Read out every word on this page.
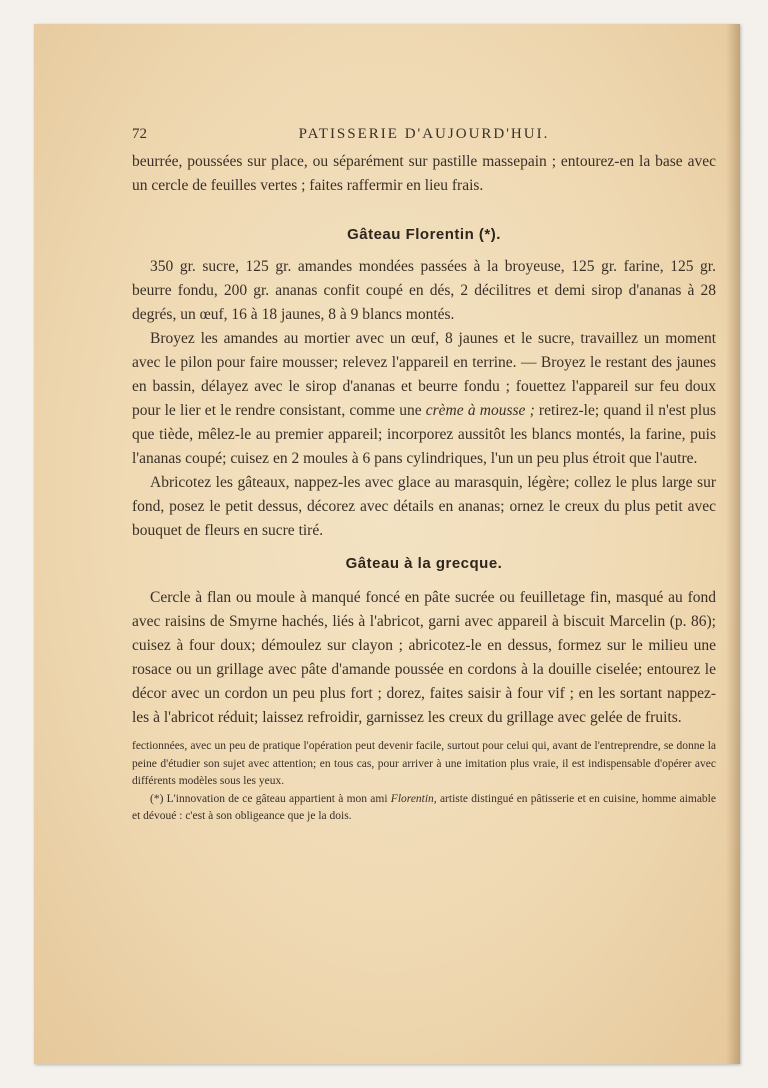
72	PATISSERIE D'AUJOURD'HUI.

beurrée, poussées sur place, ou séparément sur pastille massepain ; entourez-en la base avec un cercle de feuilles vertes ; faites raffermir en lieu frais.

Gâteau Florentin (*).

350 gr. sucre, 125 gr. amandes mondées passées à la broyeuse, 125 gr. farine, 125 gr. beurre fondu, 200 gr. ananas confit coupé en dés, 2 décilitres et demi sirop d'ananas à 28 degrés, un œuf, 16 à 18 jaunes, 8 à 9 blancs montés.

Broyez les amandes au mortier avec un œuf, 8 jaunes et le sucre, travaillez un moment avec le pilon pour faire mousser; relevez l'appareil en terrine. — Broyez le restant des jaunes en bassin, délayez avec le sirop d'ananas et beurre fondu ; fouettez l'appareil sur feu doux pour le lier et le rendre consistant, comme une crème à mousse ; retirez-le; quand il n'est plus que tiède, mêlez-le au premier appareil; incorporez aussitôt les blancs montés, la farine, puis l'ananas coupé; cuisez en 2 moules à 6 pans cylindriques, l'un un peu plus étroit que l'autre.

Abricotez les gâteaux, nappez-les avec glace au marasquin, légère; collez le plus large sur fond, posez le petit dessus, décorez avec détails en ananas; ornez le creux du plus petit avec bouquet de fleurs en sucre tiré.

Gâteau à la grecque.

Cercle à flan ou moule à manqué foncé en pâte sucrée ou feuilletage fin, masqué au fond avec raisins de Smyrne hachés, liés à l'abricot, garni avec appareil à biscuit Marcelin (p. 86); cuisez à four doux; démoulez sur clayon ; abricotez-le en dessus, formez sur le milieu une rosace ou un grillage avec pâte d'amande poussée en cordons à la douille ciselée; entourez le décor avec un cordon un peu plus fort ; dorez, faites saisir à four vif ; en les sortant nappez-les à l'abricot réduit; laissez refroidir, garnissez les creux du grillage avec gelée de fruits.

fectionnées, avec un peu de pratique l'opération peut devenir facile, surtout pour celui qui, avant de l'entreprendre, se donne la peine d'étudier son sujet avec attention; en tous cas, pour arriver à une imitation plus vraie, il est indispensable d'opérer avec différents modèles sous les yeux.

(*) L'innovation de ce gâteau appartient à mon ami Florentin, artiste distingué en pâtisserie et en cuisine, homme aimable et dévoué : c'est à son obligeance que je la dois.
